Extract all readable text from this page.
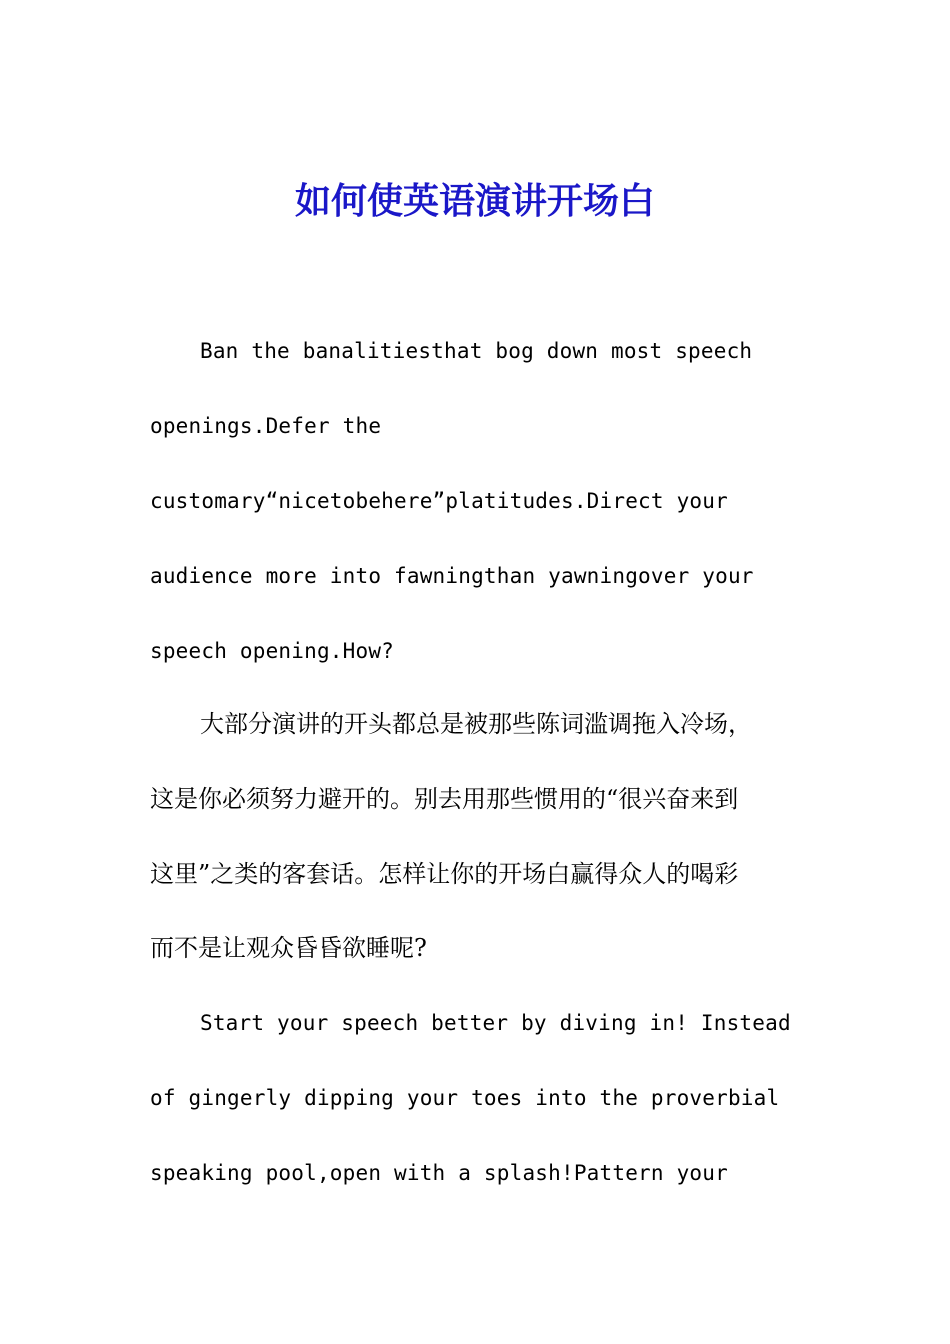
如何使英语演讲开场白

Ban the banalitiesthat bog down most speech

openings.Defer the

customary“nicetobehere”platitudes.Direct your

audience more into fawningthan yawningover your

speech opening.How?

大部分演讲的开头都总是被那些陈词滥调拖入冷场，

这是你必须努力避开的。别去用那些惯用的“很兴奋来到

这里”之类的客套话。怎样让你的开场白赢得众人的喝彩

而不是让观众昏昏欲睡呢?

Start your speech better by diving in! Instead

of gingerly dipping your toes into the proverbial

speaking pool,open with a splash!Pattern your
